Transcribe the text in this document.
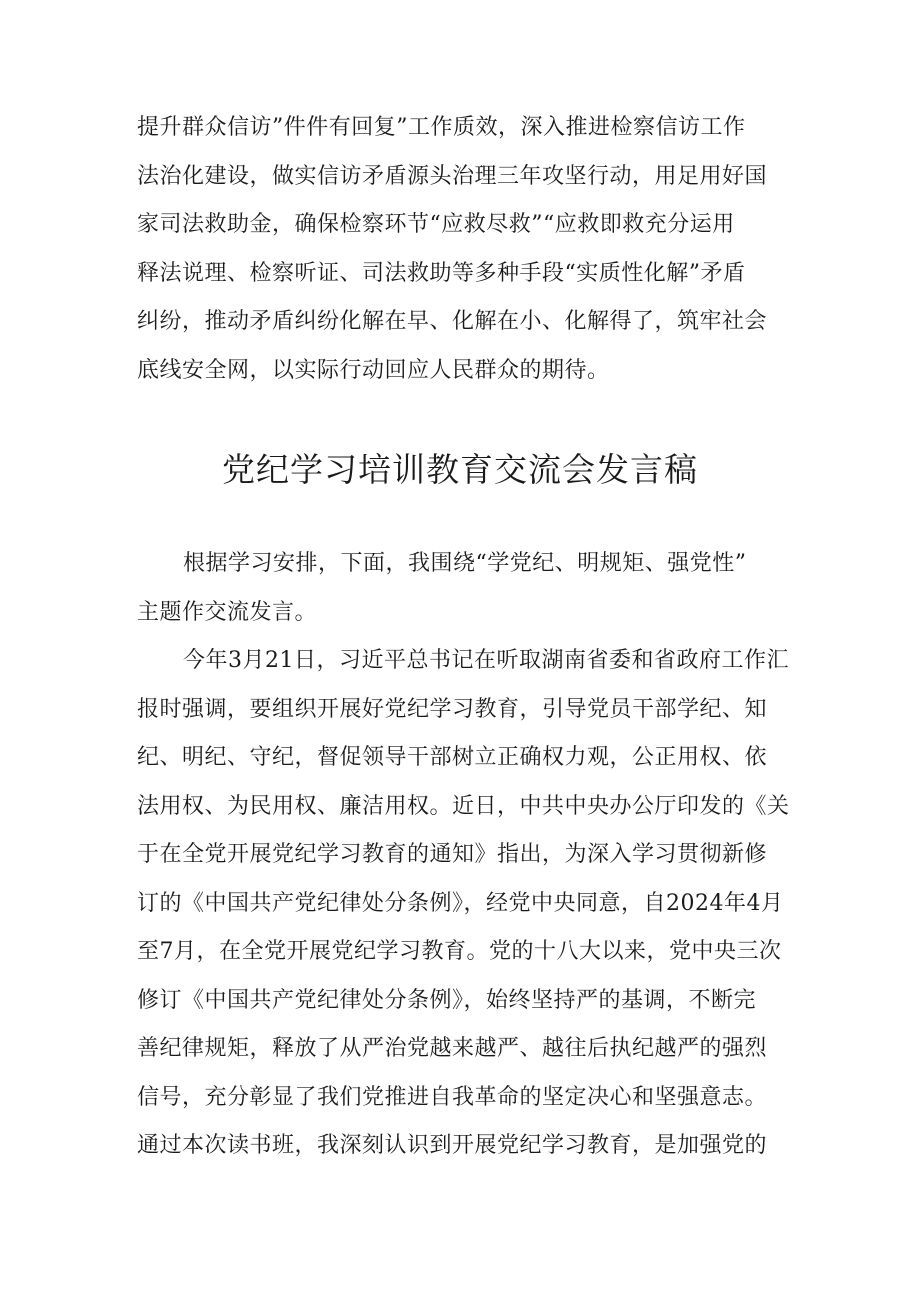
提升群众信访”件件有回复”工作质效，深入推进检察信访工作
法治化建设，做实信访矛盾源头治理三年攻坚行动，用足用好国
家司法救助金，确保检察环节“应救尽救”“应救即救充分运用
释法说理、检察听证、司法救助等多种手段“实质性化解”矛盾
纠纷，推动矛盾纠纷化解在早、化解在小、化解得了，筑牢社会
底线安全网，以实际行动回应人民群众的期待。
党纪学习培训教育交流会发言稿
根据学习安排，下面，我围绕“学党纪、明规矩、强党性”
主题作交流发言。
今年3月21日，习近平总书记在听取湖南省委和省政府工作汇
报时强调，要组织开展好党纪学习教育，引导党员干部学纪、知
纪、明纪、守纪，督促领导干部树立正确权力观，公正用权、依
法用权、为民用权、廉洁用权。近日，中共中央办公厅印发的《关
于在全党开展党纪学习教育的通知》指出，为深入学习贯彻新修
订的《中国共产党纪律处分条例》，经党中央同意，自2024年4月
至7月，在全党开展党纪学习教育。党的十八大以来，党中央三次
修订《中国共产党纪律处分条例》，始终坚持严的基调，不断完
善纪律规矩，释放了从严治党越来越严、越往后执纪越严的强烈
信号，充分彰显了我们党推进自我革命的坚定决心和坚强意志。
通过本次读书班，我深刻认识到开展党纪学习教育，是加强党的
